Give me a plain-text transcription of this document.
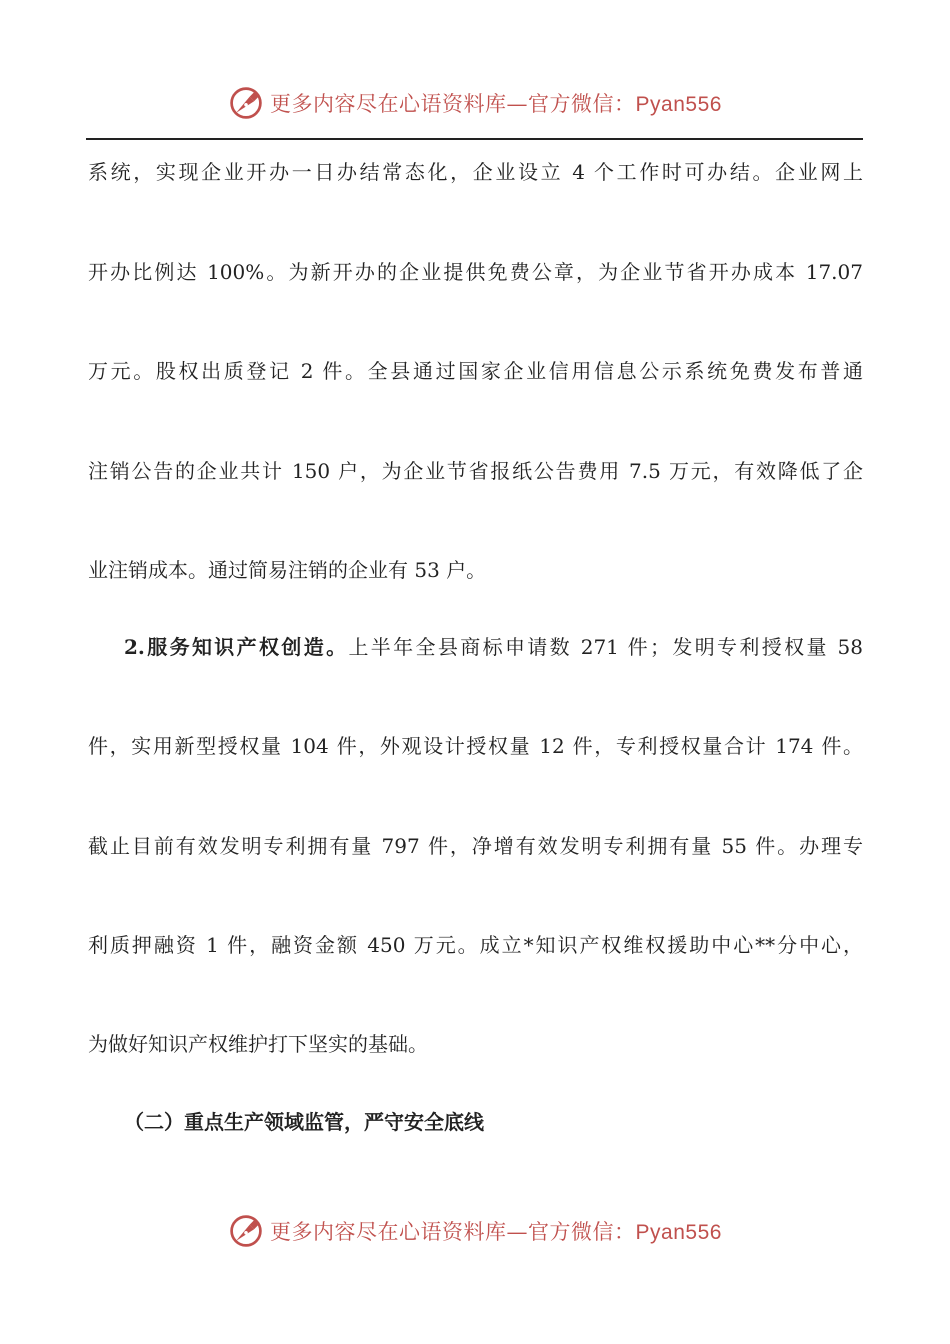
更多内容尽在心语资料库—官方微信：Pyan556
系统，实现企业开办一日办结常态化，企业设立 4 个工作时可办结。企业网上
开办比例达 100%。为新开办的企业提供免费公章，为企业节省开办成本 17.07
万元。股权出质登记 2 件。全县通过国家企业信用信息公示系统免费发布普通
注销公告的企业共计 150 户，为企业节省报纸公告费用 7.5 万元，有效降低了企
业注销成本。通过简易注销的企业有 53 户。
2.服务知识产权创造。上半年全县商标申请数 271 件；发明专利授权量 58
件，实用新型授权量 104 件，外观设计授权量 12 件，专利授权量合计 174 件。
截止目前有效发明专利拥有量 797 件，净增有效发明专利拥有量 55 件。办理专
利质押融资 1 件，融资金额 450 万元。成立*知识产权维权援助中心**分中心，
为做好知识产权维护打下坚实的基础。
（二）重点生产领域监管，严守安全底线
更多内容尽在心语资料库—官方微信：Pyan556
